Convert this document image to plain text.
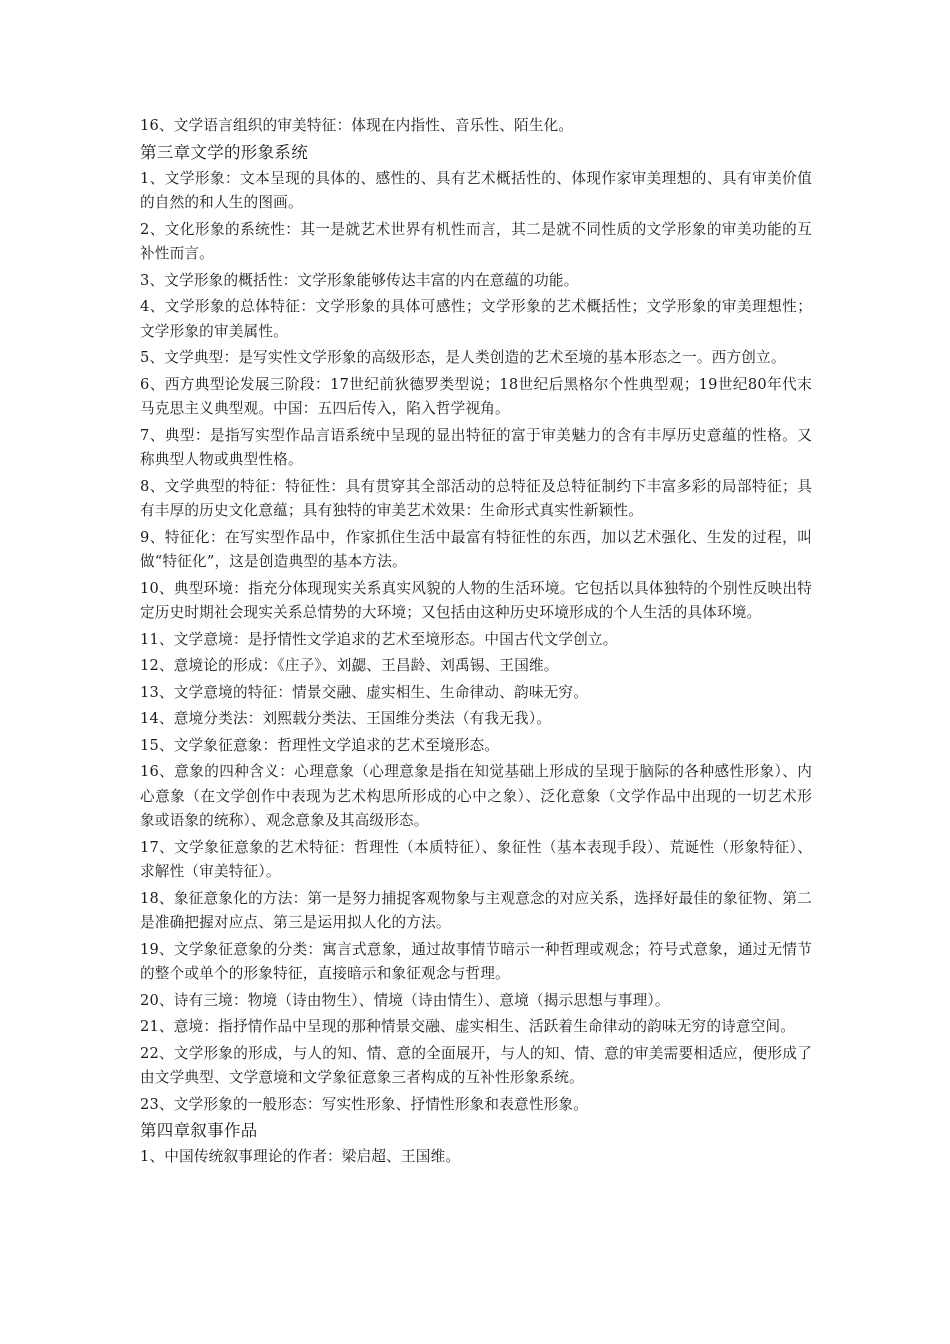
16、文学语言组织的审美特征：体现在内指性、音乐性、陌生化。

第三章文学的形象系统

1、文学形象：文本呈现的具体的、感性的、具有艺术概括性的、体现作家审美理想的、具有审美价值的自然的和人生的图画。

2、文化形象的系统性：其一是就艺术世界有机性而言，其二是就不同性质的文学形象的审美功能的互补性而言。

3、文学形象的概括性：文学形象能够传达丰富的内在意蕴的功能。

4、文学形象的总体特征：文学形象的具体可感性；文学形象的艺术概括性；文学形象的审美理想性；文学形象的审美属性。

5、文学典型：是写实性文学形象的高级形态，是人类创造的艺术至境的基本形态之一。西方创立。

6、西方典型论发展三阶段：17世纪前狄德罗类型说；18世纪后黑格尔个性典型观；19世纪80年代末马克思主义典型观。中国：五四后传入，陷入哲学视角。

7、典型：是指写实型作品言语系统中呈现的显出特征的富于审美魅力的含有丰厚历史意蕴的性格。又称典型人物或典型性格。

8、文学典型的特征：特征性：具有贯穿其全部活动的总特征及总特征制约下丰富多彩的局部特征；具有丰厚的历史文化意蕴；具有独特的审美艺术效果：生命形式真实性新颖性。

9、特征化：在写实型作品中，作家抓住生活中最富有特征性的东西，加以艺术强化、生发的过程，叫做“特征化”，这是创造典型的基本方法。

10、典型环境：指充分体现现实关系真实风貌的人物的生活环境。它包括以具体独特的个别性反映出特定历史时期社会现实关系总情势的大环境；又包括由这种历史环境形成的个人生活的具体环境。

11、文学意境：是抒情性文学追求的艺术至境形态。中国古代文学创立。

12、意境论的形成：《庄子》、刘勰、王昌龄、刘禹锡、王国维。

13、文学意境的特征：情景交融、虚实相生、生命律动、韵味无穷。

14、意境分类法：刘熙载分类法、王国维分类法（有我无我）。

15、文学象征意象：哲理性文学追求的艺术至境形态。

16、意象的四种含义：心理意象（心理意象是指在知觉基础上形成的呈现于脑际的各种感性形象）、内心意象（在文学创作中表现为艺术构思所形成的心中之象）、泛化意象（文学作品中出现的一切艺术形象或语象的统称）、观念意象及其高级形态。

17、文学象征意象的艺术特征：哲理性（本质特征）、象征性（基本表现手段）、荒诞性（形象特征）、求解性（审美特征）。

18、象征意象化的方法：第一是努力捕捉客观物象与主观意念的对应关系，选择好最佳的象征物、第二是准确把握对应点、第三是运用拟人化的方法。

19、文学象征意象的分类：寓言式意象，通过故事情节暗示一种哲理或观念；符号式意象，通过无情节的整个或单个的形象特征，直接暗示和象征观念与哲理。

20、诗有三境：物境（诗由物生）、情境（诗由情生）、意境（揭示思想与事理）。

21、意境：指抒情作品中呈现的那种情景交融、虚实相生、活跃着生命律动的韵味无穷的诗意空间。

22、文学形象的形成，与人的知、情、意的全面展开，与人的知、情、意的审美需要相适应，便形成了由文学典型、文学意境和文学象征意象三者构成的互补性形象系统。

23、文学形象的一般形态：写实性形象、抒情性形象和表意性形象。

第四章叙事作品

1、中国传统叙事理论的作者：梁启超、王国维。
